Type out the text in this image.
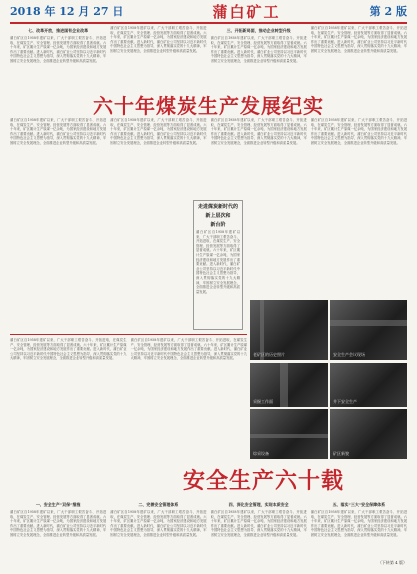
2018 年 12 月 27 日	蒲白矿工	第 2 版
七、改革开放，推进国有企业改革
蒲白矿区自1958年建矿以来，广大干部职工艰苦奋斗、开拓进取，在煤炭生产、安全管理、经营发展等方面取得了显著成就。六十年来，矿区累计生产原煤一亿余吨，为国家经济建设和地方发展作出了重要贡献。进入新时代，蒲白矿业公司坚持以习近平新时代中国特色社会主义思想为指导，深入贯彻落实党的十九大精神，牢固树立安全发展理念，全面推进企业转型升级和高质量发展。
蒲白矿区自1958年建矿以来，广大干部职工艰苦奋斗、开拓进取，在煤炭生产、安全管理、经营发展等方面取得了显著成就。六十年来，矿区累计生产原煤一亿余吨，为国家经济建设和地方发展作出了重要贡献。进入新时代，蒲白矿业公司坚持以习近平新时代中国特色社会主义思想为指导，深入贯彻落实党的十九大精神，牢固树立安全发展理念，全面推进企业转型升级和高质量发展。
三、开拓新局面，推动企业转型升级
蒲白矿区自1958年建矿以来，广大干部职工艰苦奋斗、开拓进取，在煤炭生产、安全管理、经营发展等方面取得了显著成就。六十年来，矿区累计生产原煤一亿余吨，为国家经济建设和地方发展作出了重要贡献。进入新时代，蒲白矿业公司坚持以习近平新时代中国特色社会主义思想为指导，深入贯彻落实党的十九大精神，牢固树立安全发展理念，全面推进企业转型升级和高质量发展。
蒲白矿区自1958年建矿以来，广大干部职工艰苦奋斗、开拓进取，在煤炭生产、安全管理、经营发展等方面取得了显著成就。六十年来，矿区累计生产原煤一亿余吨，为国家经济建设和地方发展作出了重要贡献。进入新时代，蒲白矿业公司坚持以习近平新时代中国特色社会主义思想为指导，深入贯彻落实党的十九大精神，牢固树立安全发展理念，全面推进企业转型升级和高质量发展。
六十年煤炭生产发展纪实
蒲白矿区自1958年建矿以来，广大干部职工艰苦奋斗、开拓进取，在煤炭生产、安全管理、经营发展等方面取得了显著成就。六十年来，矿区累计生产原煤一亿余吨，为国家经济建设和地方发展作出了重要贡献。进入新时代，蒲白矿业公司坚持以习近平新时代中国特色社会主义思想为指导，深入贯彻落实党的十九大精神，牢固树立安全发展理念，全面推进企业转型升级和高质量发展。
蒲白矿区自1958年建矿以来，广大干部职工艰苦奋斗、开拓进取，在煤炭生产、安全管理、经营发展等方面取得了显著成就。六十年来，矿区累计生产原煤一亿余吨，为国家经济建设和地方发展作出了重要贡献。进入新时代，蒲白矿业公司坚持以习近平新时代中国特色社会主义思想为指导，深入贯彻落实党的十九大精神，牢固树立安全发展理念，全面推进企业转型升级和高质量发展。
蒲白矿区自1958年建矿以来，广大干部职工艰苦奋斗、开拓进取，在煤炭生产、安全管理、经营发展等方面取得了显著成就。六十年来，矿区累计生产原煤一亿余吨，为国家经济建设和地方发展作出了重要贡献。进入新时代，蒲白矿业公司坚持以习近平新时代中国特色社会主义思想为指导，深入贯彻落实党的十九大精神，牢固树立安全发展理念，全面推进企业转型升级和高质量发展。
蒲白矿区自1958年建矿以来，广大干部职工艰苦奋斗、开拓进取，在煤炭生产、安全管理、经营发展等方面取得了显著成就。六十年来，矿区累计生产原煤一亿余吨，为国家经济建设和地方发展作出了重要贡献。进入新时代，蒲白矿业公司坚持以习近平新时代中国特色社会主义思想为指导，深入贯彻落实党的十九大精神，牢固树立安全发展理念，全面推进企业转型升级和高质量发展。
走进煤炭新时代的
新上层次和
新台阶
蒲白矿区自1958年建矿以来，广大干部职工艰苦奋斗、开拓进取，在煤炭生产、安全管理、经营发展等方面取得了显著成就。六十年来，矿区累计生产原煤一亿余吨，为国家经济建设和地方发展作出了重要贡献。进入新时代，蒲白矿业公司坚持以习近平新时代中国特色社会主义思想为指导，深入贯彻落实党的十九大精神，牢固树立安全发展理念，全面推进企业转型升级和高质量发展。
老矿区的历史照片	安全生产会议现场
采掘工作面	井下安全生产
综采设备	矿区新貌
蒲白矿区自1958年建矿以来，广大干部职工艰苦奋斗、开拓进取，在煤炭生产、安全管理、经营发展等方面取得了显著成就。六十年来，矿区累计生产原煤一亿余吨，为国家经济建设和地方发展作出了重要贡献。进入新时代，蒲白矿业公司坚持以习近平新时代中国特色社会主义思想为指导，深入贯彻落实党的十九大精神，牢固树立安全发展理念，全面推进企业转型升级和高质量发展。
蒲白矿区自1958年建矿以来，广大干部职工艰苦奋斗、开拓进取，在煤炭生产、安全管理、经营发展等方面取得了显著成就。六十年来，矿区累计生产原煤一亿余吨，为国家经济建设和地方发展作出了重要贡献。进入新时代，蒲白矿业公司坚持以习近平新时代中国特色社会主义思想为指导，深入贯彻落实党的十九大精神，牢固树立安全发展理念，全面推进企业转型升级和高质量发展。
安全生产六十载
一、安全生产“双保”措施
蒲白矿区自1958年建矿以来，广大干部职工艰苦奋斗、开拓进取，在煤炭生产、安全管理、经营发展等方面取得了显著成就。六十年来，矿区累计生产原煤一亿余吨，为国家经济建设和地方发展作出了重要贡献。进入新时代，蒲白矿业公司坚持以习近平新时代中国特色社会主义思想为指导，深入贯彻落实党的十九大精神，牢固树立安全发展理念，全面推进企业转型升级和高质量发展。
二、完善安全管理体系
蒲白矿区自1958年建矿以来，广大干部职工艰苦奋斗、开拓进取，在煤炭生产、安全管理、经营发展等方面取得了显著成就。六十年来，矿区累计生产原煤一亿余吨，为国家经济建设和地方发展作出了重要贡献。进入新时代，蒲白矿业公司坚持以习近平新时代中国特色社会主义思想为指导，深入贯彻落实党的十九大精神，牢固树立安全发展理念，全面推进企业转型升级和高质量发展。
四、深化安全管理，实现本质安全
蒲白矿区自1958年建矿以来，广大干部职工艰苦奋斗、开拓进取，在煤炭生产、安全管理、经营发展等方面取得了显著成就。六十年来，矿区累计生产原煤一亿余吨，为国家经济建设和地方发展作出了重要贡献。进入新时代，蒲白矿业公司坚持以习近平新时代中国特色社会主义思想为指导，深入贯彻落实党的十九大精神，牢固树立安全发展理念，全面推进企业转型升级和高质量发展。
五、落实“三大”安全保障体系
蒲白矿区自1958年建矿以来，广大干部职工艰苦奋斗、开拓进取，在煤炭生产、安全管理、经营发展等方面取得了显著成就。六十年来，矿区累计生产原煤一亿余吨，为国家经济建设和地方发展作出了重要贡献。进入新时代，蒲白矿业公司坚持以习近平新时代中国特色社会主义思想为指导，深入贯彻落实党的十九大精神，牢固树立安全发展理念，全面推进企业转型升级和高质量发展。
（下转第 4 版）
